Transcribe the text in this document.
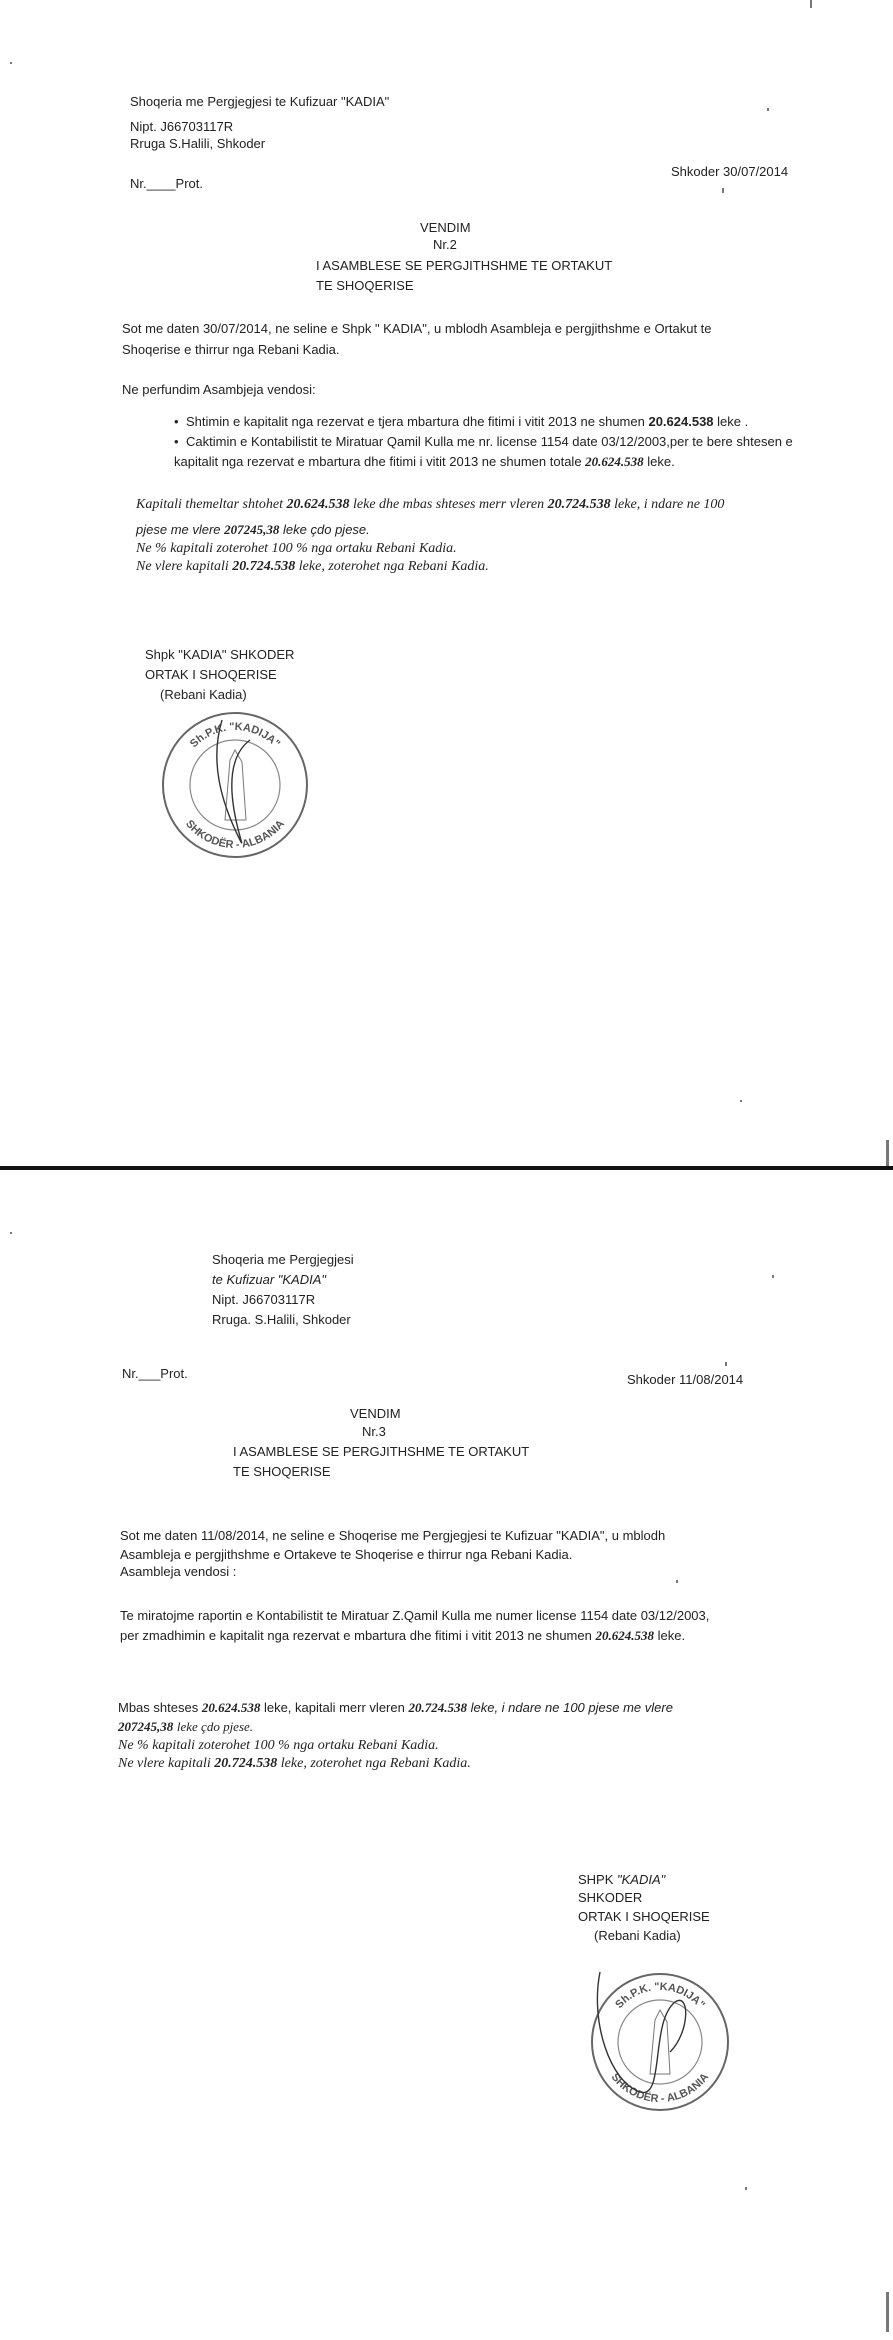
Shoqeria me Pergjegjesi te Kufizuar "KADIA"
Nipt. J66703117R
Rruga S.Halili, Shkoder
Nr.____Prot.
Shkoder 30/07/2014
VENDIM
Nr.2
I ASAMBLESE SE PERGJITHSHME TE ORTAKUT
TE SHOQERISE
Sot me daten 30/07/2014, ne seline e Shpk " KADIA", u mblodh Asambleja e pergjithshme e Ortakut te
Shoqerise e thirrur nga Rebani Kadia.
Ne perfundim Asambjeja vendosi:
• Shtimin e kapitalit nga rezervat e tjera mbartura dhe fitimi i vitit 2013 ne shumen 20.624.538 leke .
• Caktimin e Kontabilistit te Miratuar Qamil Kulla me nr. license 1154 date 03/12/2003,per te bere shtesen e
kapitalit nga rezervat e mbartura dhe fitimi i vitit 2013 ne shumen totale 20.624.538 leke.
Kapitali themeltar shtohet 20.624.538 leke dhe mbas shteses merr vleren 20.724.538 leke, i ndare ne 100
pjese me vlere 207245,38 leke çdo pjese.
Ne % kapitali zoterohet 100 % nga ortaku Rebani Kadia.
Ne vlere kapitali 20.724.538 leke, zoterohet nga Rebani Kadia.
Shpk "KADIA" SHKODER
ORTAK I SHOQERISE
(Rebani Kadia)
Sh.P.K. "KADIJA"
SHKODËR - ALBANIA
Shoqeria me Pergjegjesi
te Kufizuar "KADIA"
Nipt. J66703117R
Rruga. S.Halili, Shkoder
Nr.___Prot.	Shkoder 11/08/2014
VENDIM
Nr.3
I ASAMBLESE SE PERGJITHSHME TE ORTAKUT
TE SHOQERISE
Sot me daten 11/08/2014, ne seline e Shoqerise me Pergjegjesi te Kufizuar "KADIA", u mblodh
Asambleja e pergjithshme e Ortakeve te Shoqerise e thirrur nga Rebani Kadia.
Asambleja vendosi :
Te miratojme raportin e Kontabilistit te Miratuar Z.Qamil Kulla me numer license 1154 date 03/12/2003,
per zmadhimin e kapitalit nga rezervat e mbartura dhe fitimi i vitit 2013 ne shumen 20.624.538 leke.
Mbas shteses 20.624.538 leke, kapitali merr vleren 20.724.538 leke, i ndare ne 100 pjese me vlere
207245,38 leke çdo pjese.
Ne % kapitali zoterohet 100 % nga ortaku Rebani Kadia.
Ne vlere kapitali 20.724.538 leke, zoterohet nga Rebani Kadia.
SHPK "KADIA"
SHKODER
ORTAK I SHOQERISE
(Rebani Kadia)
Sh.P.K. "KADIJA"
SHKODËR - ALBANIA
